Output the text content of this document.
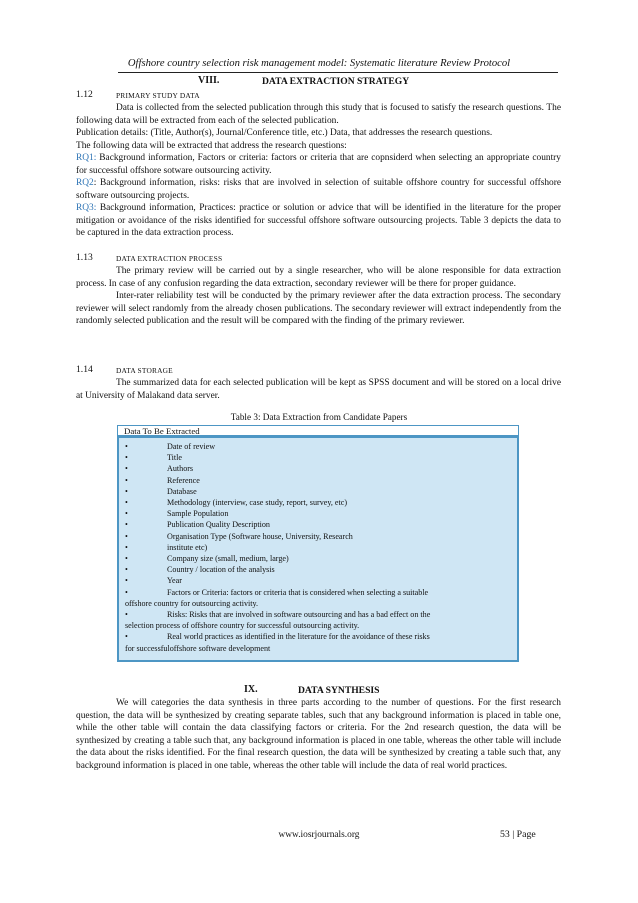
Offshore country selection risk management model: Systematic literature Review Protocol
VIII.	DATA EXTRACTION STRATEGY
1.12	PRIMARY STUDY DATA

Data is collected from the selected publication through this study that is focused to satisfy the research questions. The following data will be extracted from each of the selected publication.

Publication details: (Title, Author(s), Journal/Conference title, etc.) Data, that addresses the research questions.

The following data will be extracted that address the research questions:

RQ1: Background information, Factors or criteria: factors or criteria that are copnsiderd when selecting an appropriate country for successful offshore sotware outsourcing activity.

RQ2: Background information, risks: risks that are involved in selection of suitable offshore country for successful offshore software outsourcing projects.

RQ3: Background information, Practices: practice or solution or advice that will be identified in the literature for the proper mitigation or avoidance of the risks identified for successful offshore software outsourcing projects. Table 3 depicts the data to be captured in the data extraction process.

1.13	DATA EXTRACTION PROCESS

The primary review will be carried out by a single researcher, who will be alone responsible for data extraction process. In case of any confusion regarding the data extraction, secondary reviewer will be there for proper guidance.

Inter-rater reliability test will be conducted by the primary reviewer after the data extraction process. The secondary reviewer will select randomly from the already chosen publications. The secondary reviewer will extract independently from the randomly selected publication and the result will be compared with the finding of the primary reviewer.

1.14	DATA STORAGE

The summarized data for each selected publication will be kept as SPSS document and will be stored on a local drive at University of Malakand data server.

Table 3: Data Extraction from Candidate Papers
Data To Be Extracted
•	Date of review
•	Title
•	Authors
•	Reference
•	Database
•	Methodology (interview, case study, report, survey, etc)
•	Sample Population
•	Publication Quality Description
•	Organisation Type (Software house, University, Research
•	institute etc)
•	Company size (small, medium, large)
•	Country / location of the analysis
•	Year
•	Factors or Criteria: factors or criteria that is considered when selecting a suitable
offshore country for outsourcing activity.
•	Risks: Risks that are involved in software outsourcing and has a bad effect on the
selection process of offshore country for successful outsourcing activity.
•	Real world practices as identified in the literature for the avoidance of these risks
for successfuloffshore software development
IX.	DATA SYNTHESIS

We will categories the data synthesis in three parts according to the number of questions. For the first research question, the data will be synthesized by creating separate tables, such that any background information is placed in table one, while the other table will contain the data classifying factors or criteria. For the 2nd research question, the data will be synthesized by creating a table such that, any background information is placed in one table, whereas the other table will include the data about the risks identified. For the final research question, the data will be synthesized by creating a table such that, any background information is placed in one table, whereas the other table will include the data of real world practices.

www.iosrjournals.org	53 | Page
